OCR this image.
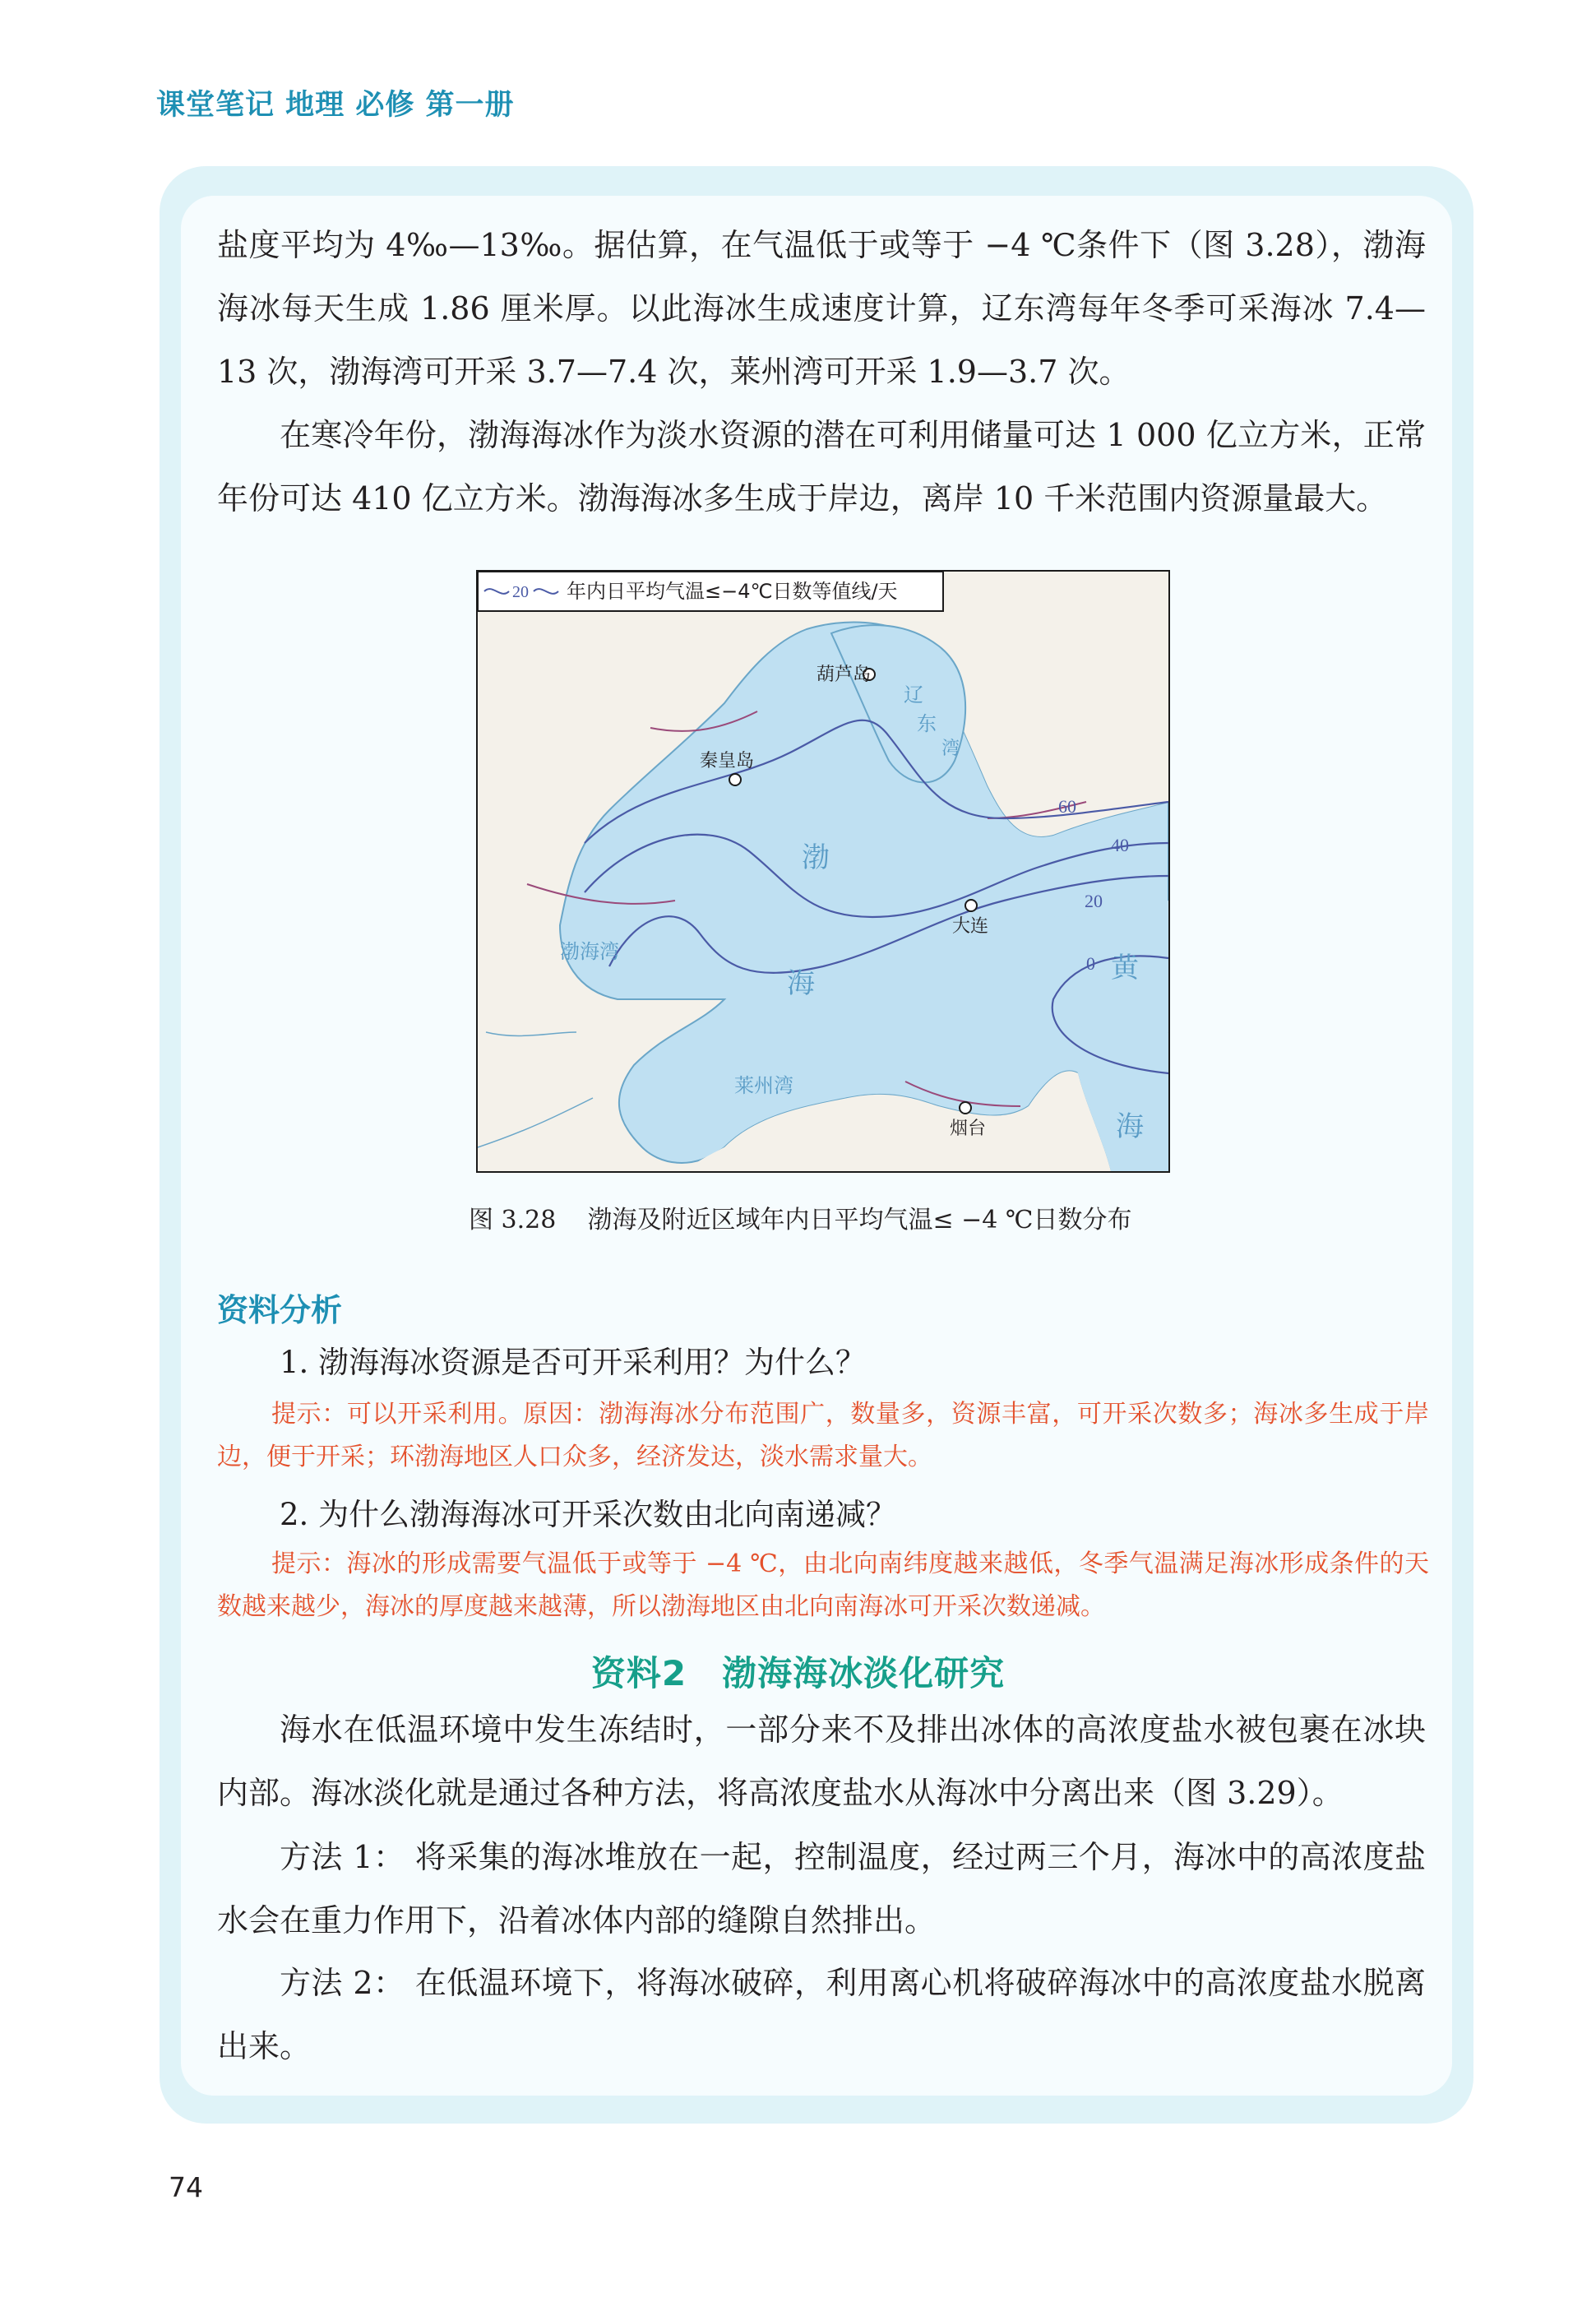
课堂笔记 地理 必修 第一册

盐度平均为 4‰—13‰。据估算，在气温低于或等于 −4 ℃条件下（图 3.28），渤海海冰每天生成 1.86 厘米厚。以此海冰生成速度计算，辽东湾每年冬季可采海冰 7.4—13 次，渤海湾可开采 3.7—7.4 次，莱州湾可开采 1.9—3.7 次。

在寒冷年份，渤海海冰作为淡水资源的潜在可利用储量可达 1 000 亿立方米，正常年份可达 410 亿立方米。渤海海冰多生成于岸边，离岸 10 千米范围内资源量最大。

60
40
20
0
20 年内日平均气温≤−4℃日数等值线/天
葫芦岛
秦皇岛
大连
烟台
辽
东
湾
渤海湾
莱州湾
渤
海	黄
海
图 3.28    渤海及附近区域年内日平均气温≤ −4 ℃日数分布
资料分析
1. 渤海海冰资源是否可开采利用？为什么？

提示：可以开采利用。原因：渤海海冰分布范围广，数量多，资源丰富，可开采次数多；海冰多生成于岸边，便于开采；环渤海地区人口众多，经济发达，淡水需求量大。

2. 为什么渤海海冰可开采次数由北向南递减？

提示：海冰的形成需要气温低于或等于 −4 ℃，由北向南纬度越来越低，冬季气温满足海冰形成条件的天数越来越少，海冰的厚度越来越薄，所以渤海地区由北向南海冰可开采次数递减。

资料2　渤海海冰淡化研究

海水在低温环境中发生冻结时，一部分来不及排出冰体的高浓度盐水被包裹在冰块内部。海冰淡化就是通过各种方法，将高浓度盐水从海冰中分离出来（图 3.29）。

方法 1： 将采集的海冰堆放在一起，控制温度，经过两三个月，海冰中的高浓度盐水会在重力作用下，沿着冰体内部的缝隙自然排出。

方法 2： 在低温环境下，将海冰破碎，利用离心机将破碎海冰中的高浓度盐水脱离出来。

74
